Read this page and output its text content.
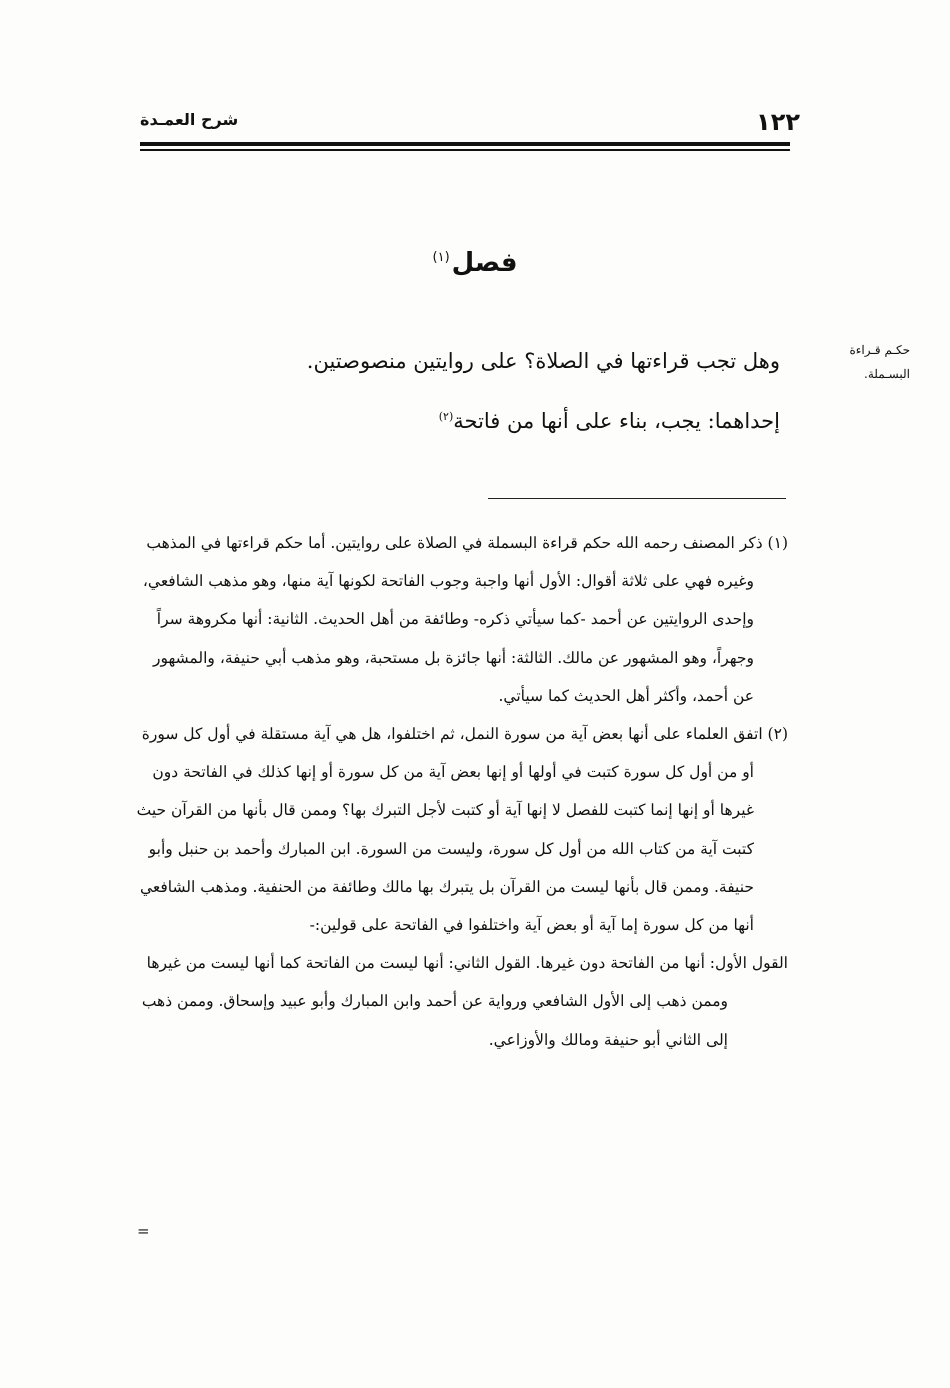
١٢٢
شرح العمـدة
فصل$^{(١)}$
حكـم قـراءة
البسـملة.

وهل تجب قراءتها في الصلاة؟ على روايتين منصوصتين.

إحداهما: يجب، بناء على أنها من فاتحة$^{(٢)}$

(١) ذكر المصنف رحمه الله حكم قراءة البسملة في الصلاة على روايتين. أما حكم قراءتها في المذهب وغيره فهي على ثلاثة أقوال: الأول أنها واجبة وجوب الفاتحة لكونها آية منها، وهو مذهب الشافعي، وإحدى الروايتين عن أحمد -كما سيأتي ذكره- وطائفة من أهل الحديث. الثانية: أنها مكروهة سراً وجهراً، وهو المشهور عن مالك. الثالثة: أنها جائزة بل مستحبة، وهو مذهب أبي حنيفة، والمشهور عن أحمد، وأكثر أهل الحديث كما سيأتي.

(٢) اتفق العلماء على أنها بعض آية من سورة النمل، ثم اختلفوا، هل هي آية مستقلة في أول كل سورة أو من أول كل سورة كتبت في أولها أو إنها بعض آية من كل سورة أو إنها كذلك في الفاتحة دون غيرها أو إنها إنما كتبت للفصل لا إنها آية أو كتبت لأجل التبرك بها؟ وممن قال بأنها من القرآن حيث كتبت آية من كتاب الله من أول كل سورة، وليست من السورة. ابن المبارك وأحمد بن حنبل وأبو حنيفة. وممن قال بأنها ليست من القرآن بل يتبرك بها مالك وطائفة من الحنفية. ومذهب الشافعي أنها من كل سورة إما آية أو بعض آية واختلفوا في الفاتحة على قولين:-

القول الأول: أنها من الفاتحة دون غيرها. القول الثاني: أنها ليست من الفاتحة كما أنها ليست من غيرها وممن ذهب إلى الأول الشافعي ورواية عن أحمد وابن المبارك وأبو عبيد وإسحاق. وممن ذهب إلى الثاني أبو حنيفة ومالك والأوزاعي.

=
